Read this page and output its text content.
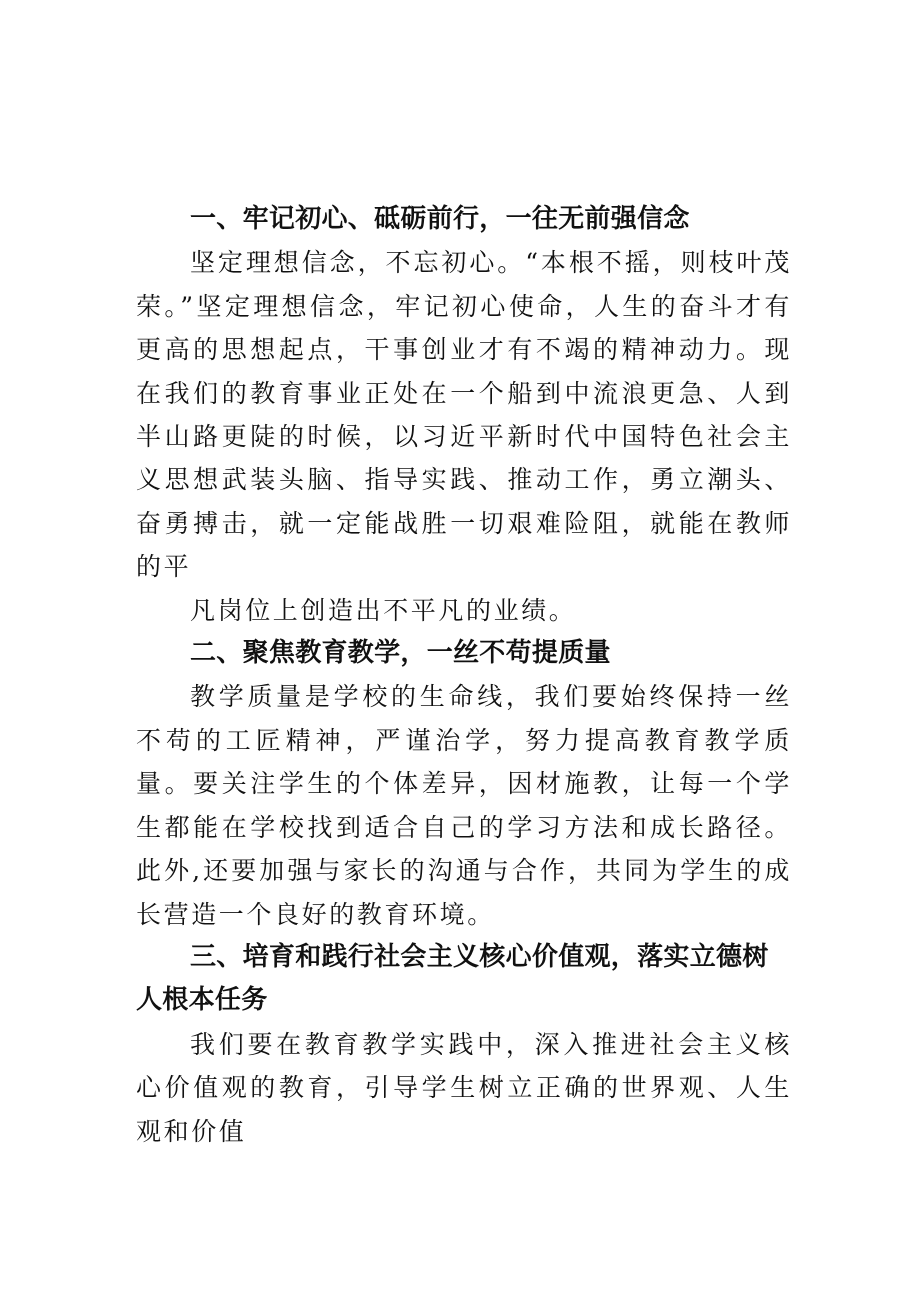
一、牢记初心、砥砺前行，一往无前强信念

坚定理想信念，不忘初心。“本根不摇，则枝叶茂荣。”坚定理想信念，牢记初心使命，人生的奋斗才有更高的思想起点，干事创业才有不竭的精神动力。现在我们的教育事业正处在一个船到中流浪更急、人到半山路更陡的时候，以习近平新时代中国特色社会主义思想武装头脑、指导实践、推动工作，勇立潮头、奋勇搏击，就一定能战胜一切艰难险阻，就能在教师的平

凡岗位上创造出不平凡的业绩。

二、聚焦教育教学，一丝不苟提质量

教学质量是学校的生命线，我们要始终保持一丝不苟的工匠精神，严谨治学，努力提高教育教学质量。要关注学生的个体差异，因材施教，让每一个学生都能在学校找到适合自己的学习方法和成长路径。此外,还要加强与家长的沟通与合作，共同为学生的成长营造一个良好的教育环境。

三、培育和践行社会主义核心价值观，落实立德树人根本任务

我们要在教育教学实践中，深入推进社会主义核心价值观的教育，引导学生树立正确的世界观、人生观和价值
